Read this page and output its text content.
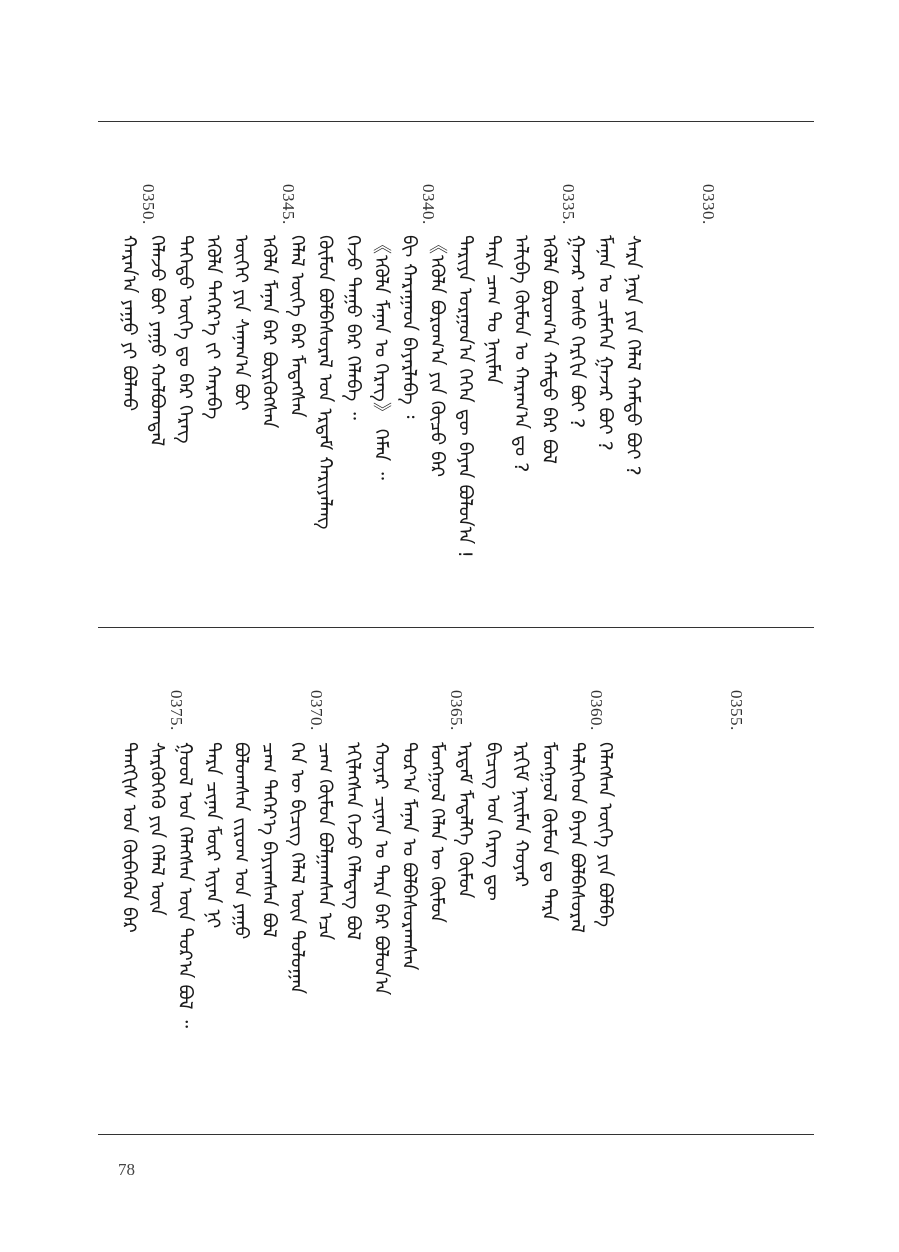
ᠬᠠᠷᠠᠨ᠎ᠠ ᠶᠠᠭᠤ ᠶᠢ ᠪᠤᠯᠬᠤ ᠬᠡᠯᠡᠵᠦ ᠪᠤᠢ ᠶᠠᠭᠤ ᠬᠣᠯᠪᠤᠭᠳᠠᠯ ᠳᠡᠭᠡᠳᠦ ᠦᠭᠡ ᠳᠤ ᠪᠠᠷ ᠬᠡᠷᠡᠭ ᠡᠭᠦᠯᠡ ᠳᠡᠭᠡᠷ᠎ᠡ ᠵᠢ ᠬᠠᠷᠠᠪᠠ ᠦᠭᠡᠢ ᠶᠢᠨ ᠰᠠᠨᠠᠭ᠎ᠠ ᠪᠤᠢ ᠡᠭᠦᠯᠡ ᠮᠠᠨᠠᠨ ᠪᠠᠷ ᠪᠦᠷᠬᠦᠭᠰᠡᠨ ᠬᠡᠯᠡᠯ ᠦᠭᠡ ᠪᠠᠷ ᠮᠡᠳᠡᠭᠰᠡᠨ ᠬᠦᠮᠦᠨ ᠪᠤᠯᠪᠠᠰᠤᠷᠠᠯ ᠤᠨ ᠡᠷᠳᠡᠮ ᠬᠠᠷᠢᠶᠠᠯᠠᠩ ᠭᠡᠵᠦ ᠳᠠᠭᠤ ᠪᠠᠷ ᠬᠡᠯᠡᠪᠡ ᠃ 《ᠡᠭᠦᠯᠡ ᠮᠠᠨᠠᠨ ᠤ ᠬᠡᠷᠡᠭ》 ᠬᠡᠮᠡᠨ ᠃ ᠪᠢ ᠬᠠᠷᠠᠭᠠᠳ ᠪᠠᠶᠠᠷᠯᠠᠪᠠ ᠄ 《ᠡᠭᠦᠯᠡ ᠪᠣᠷᠣᠭ᠎ᠠ ᠶᠢᠨ ᠬᠦᠴᠦ ᠪᠠᠷ ᠲᠠᠷᠢᠶᠠ ᠤᠷᠭᠤᠨ᠎ᠠ ᠭᠡᠭᠡᠨ ᠳᠦ ᠪᠠᠶᠠᠨ ᠪᠣᠯᠤᠨ᠎ᠠ ! ᠲᠡᠷᠡ ᠴᠠᠭ ᠲᠤ ᠨᠠᠢᠮᠠᠨ ᠠᠯᠢᠪᠠ ᠬᠦᠮᠦᠨ ᠤ ᠬᠠᠷᠠᠭ᠎ᠠ ᠳᠤ ? ᠡᠭᠦᠯᠡ ᠪᠣᠷᠣᠭ᠎ᠠ ᠬᠠᠮᠲᠤ ᠪᠠᠷ ᠪᠣᠯ ᠭᠠᠵᠠᠷ ᠤᠰᠤ ᠬᠡᠷᠬᠢᠨ ᠪᠤᠢ ? ᠮᠠᠨᠠᠨ ᠤ ᠴᠢᠮᠡᠭᠡᠨ ᠭᠠᠵᠠᠷ ᠪᠤᠢ ? ᠰᠠᠷᠠ ᠨᠠᠷᠠ ᠶᠢᠨ ᠬᠡᠯᠡᠯ ᠬᠠᠮᠲᠤ ᠪᠤᠢ ?
0350.	0345.	0340.	0335.	0330.
ᠲᠡᠩᠭᠢᠰ ᠤᠨ ᠬᠥᠪᠡᠭᠦᠨ ᠪᠠᠷ ᠰᠡᠷᠭᠦᠭᠡᠬᠦ ᠶᠢᠨ ᠬᠡᠯᠡᠯ ᠦᠨ ᠭᠣᠣᠯ ᠤᠨ ᠬᠡᠯᠡᠭᠰᠡᠨ ᠦᠨ ᠳᠤᠷ᠎ᠠ ᠪᠣᠯ ᠃ ᠲᠡᠷᠡ ᠴᠢᠨᠠᠨ ᠮᠦᠷ ᠢᠶᠡᠨ ᠨᠢ ᠪᠣᠯᠤᠭᠰᠠᠨ ᠵᠢᠷᠤᠭ ᠤᠨ ᠶᠠᠭᠤ ᠴᠠᠭ ᠳᠡᠭᠡᠷ᠎ᠡ ᠪᠠᠶᠢᠭᠰᠠᠨ ᠪᠣᠯ ᠬᠡᠨ ᠦ ᠪᠢᠴᠢᠭ ᠬᠡᠯᠡᠯ ᠦᠨ ᠳᠤᠯᠤᠭᠠᠨ ᠴᠠᠭ ᠬᠦᠮᠦᠨ ᠪᠤᠯᠭᠠᠭᠰᠠᠨ ᠡᠴᠡ ᠡᠬᠢᠯᠡᠭᠰᠡᠨ ᠭᠡᠵᠦ ᠬᠡᠯᠡᠳᠡᠭ ᠪᠣᠯ ᠬᠣᠶᠠᠷ ᠴᠢᠨᠠᠨ ᠤ ᠲᠡᠷᠡ ᠪᠠᠷ ᠪᠣᠯᠤᠨ᠎ᠠ ᠳᠤᠷ᠎ᠠ ᠮᠠᠨᠠᠨ ᠤ ᠪᠣᠯᠪᠠᠰᠤᠷᠠᠭᠰᠠᠨ ᠮᠣᠩᠭᠣᠯ ᠬᠡᠯᠡᠨ ᠦ ᠬᠦᠮᠦᠨ ᠡᠷᠳᠡᠮ ᠮᠡᠳᠡᠯᠭᠡ ᠬᠦᠮᠦᠨ ᠪᠢᠴᠢᠭ ᠤᠨ ᠬᠡᠷᠡᠭ ᠳᠦ ᠡᠷᠬᠢᠮ ᠨᠠᠢᠮᠠᠨ ᠬᠣᠶᠠᠷ ᠮᠣᠩᠭᠣᠯ ᠬᠦᠮᠦᠨ ᠳᠤ ᠲᠡᠷᠡ ᠲᠡᠯᠢᠭᠡᠳ ᠪᠠᠶᠠᠨ ᠪᠣᠯᠪᠠᠰᠤᠷᠠᠯ ᠬᠡᠯᠡᠭᠰᠡᠨ ᠦᠭᠡ ᠶᠢᠨ ᠪᠣᠯᠪᠠ
0375.	0370.	0365.	0360.	0355.
78
